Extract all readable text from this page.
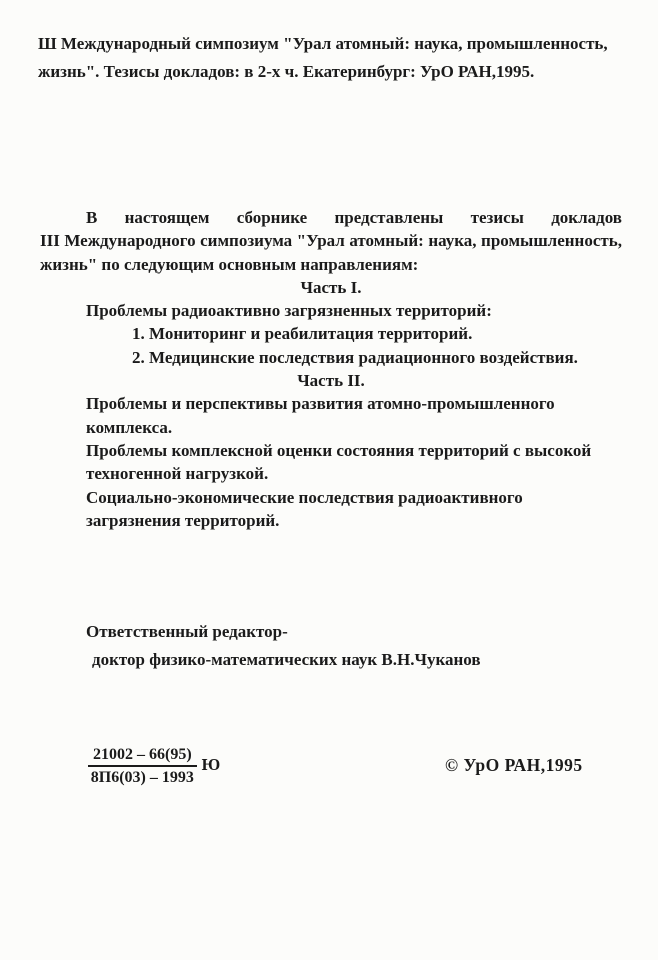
Ш Международный симпозиум "Урал атомный: наука, промышленность,
жизнь". Тезисы докладов: в 2-х ч. Екатеринбург: УрО РАН,1995.
В настоящем сборнике представлены тезисы докладов
III Международного симпозиума "Урал атомный: наука, промышленность,
жизнь" по следующим основным направлениям:
Часть I.
Проблемы радиоактивно загрязненных территорий:
1. Мониторинг и реабилитация территорий.
2. Медицинские последствия радиационного воздействия.
Часть II.
Проблемы и перспективы развития атомно-промышленного
комплекса.
Проблемы комплексной оценки состояния территорий с высокой
техногенной нагрузкой.
Социально-экономические последствия радиоактивного
загрязнения территорий.
Ответственный редактор-
доктор физико-математических наук В.Н.Чуканов
$\frac{21002 - 66(95)}{8П6(03) - 1993}$ Ю	© УрО РАН,1995
